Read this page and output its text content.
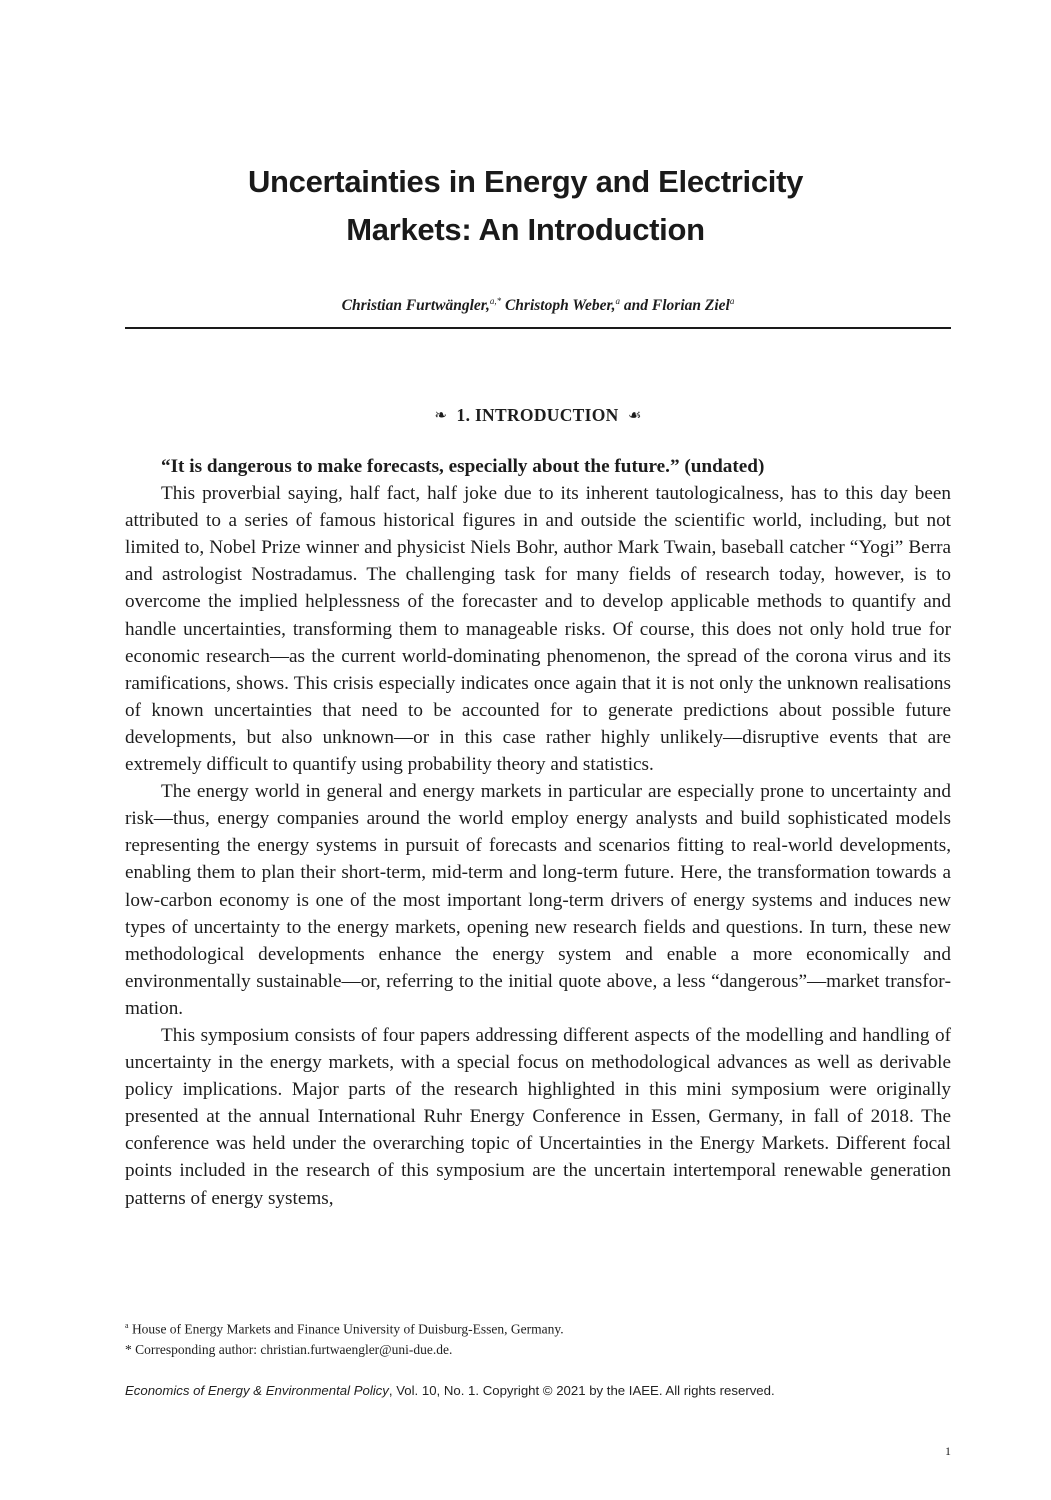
Uncertainties in Energy and Electricity
Markets: An Introduction
Christian Furtwängler,$^{a,*}$ Christoph Weber,$^a$ and Florian Ziel$^a$
❧ 1. INTRODUCTION ☙

“It is dangerous to make forecasts, especially about the future.” (undated)

This proverbial saying, half fact, half joke due to its inherent tautologicalness, has to this day been attributed to a series of famous historical figures in and outside the scientific world, including, but not limited to, Nobel Prize winner and physicist Niels Bohr, author Mark Twain, baseball catcher “Yogi” Berra and astrologist Nostradamus. The challenging task for many fields of research today, however, is to overcome the implied helplessness of the forecaster and to develop applicable methods to quantify and handle uncertainties, transforming them to manageable risks. Of course, this does not only hold true for economic research—as the current world-dominating phenomenon, the spread of the corona virus and its ramifications, shows. This crisis especially indicates once again that it is not only the unknown realisations of known uncertainties that need to be accounted for to generate predictions about possible future developments, but also unknown—or in this case rather highly unlikely—disruptive events that are extremely difficult to quantify using probability theory and statistics.

The energy world in general and energy markets in particular are especially prone to uncertainty and risk—thus, energy companies around the world employ energy analysts and build sophisticated models representing the energy systems in pursuit of forecasts and scenarios fitting to real-world developments, enabling them to plan their short-term, mid-term and long-term future. Here, the transformation towards a low-carbon economy is one of the most important long-term drivers of energy systems and induces new types of uncertainty to the energy markets, opening new research fields and questions. In turn, these new methodological developments enhance the energy system and enable a more economically and environmentally sustainable—or, referring to the initial quote above, a less “dangerous”—market transformation.

This symposium consists of four papers addressing different aspects of the modelling and handling of uncertainty in the energy markets, with a special focus on methodological advances as well as derivable policy implications. Major parts of the research highlighted in this mini symposium were originally presented at the annual International Ruhr Energy Conference in Essen, Germany, in fall of 2018. The conference was held under the overarching topic of Uncertainties in the Energy Markets. Different focal points included in the research of this symposium are the uncertain intertemporal renewable generation patterns of energy systems,

$^a$ House of Energy Markets and Finance University of Duisburg-Essen, Germany.
* Corresponding author: christian.furtwaengler@uni-due.de.
Economics of Energy & Environmental Policy, Vol. 10, No. 1. Copyright © 2021 by the IAEE. All rights reserved.
1
